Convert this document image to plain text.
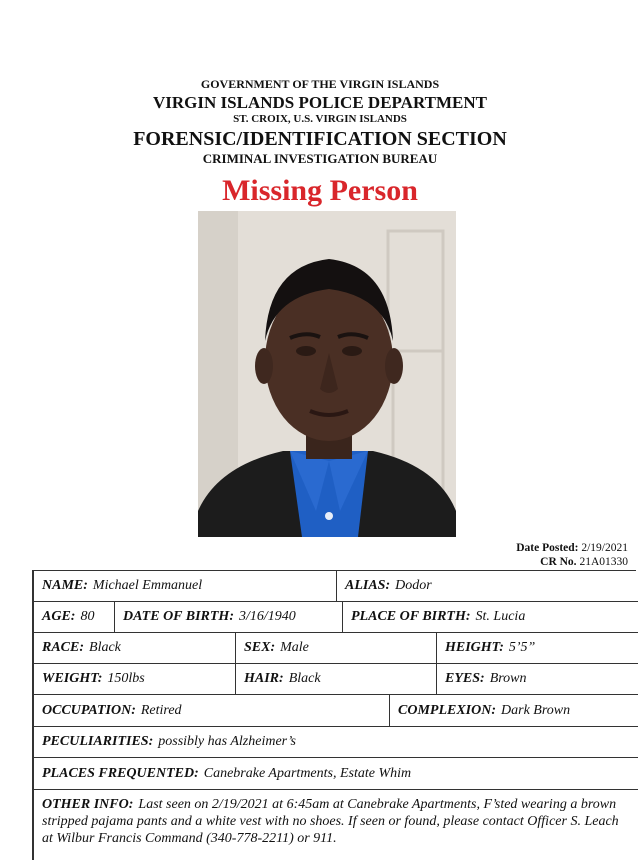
GOVERNMENT OF THE VIRGIN ISLANDS
VIRGIN ISLANDS POLICE DEPARTMENT
ST. CROIX, U.S. VIRGIN ISLANDS
FORENSIC/IDENTIFICATION SECTION
CRIMINAL INVESTIGATION BUREAU
Missing Person
Date Posted: 2/19/2021
CR No. 21A01330
NAME: Michael Emmanuel	ALIAS: Dodor
AGE: 80 DATE OF BIRTH: 3/16/1940	PLACE OF BIRTH: St. Lucia
RACE: Black	SEX: Male	HEIGHT: 5’5”
WEIGHT: 150lbs	HAIR: Black	EYES: Brown
OCCUPATION: Retired	COMPLEXION: Dark Brown
PECULIARITIES: possibly has Alzheimer’s
PLACES FREQUENTED: Canebrake Apartments, Estate Whim
OTHER INFO: Last seen on 2/19/2021 at 6:45am at Canebrake Apartments, F’sted wearing a brown stripped pajama pants and a white vest with no shoes. If seen or found, please contact Officer S. Leach at Wilbur Francis Command (340-778-2211) or 911.
